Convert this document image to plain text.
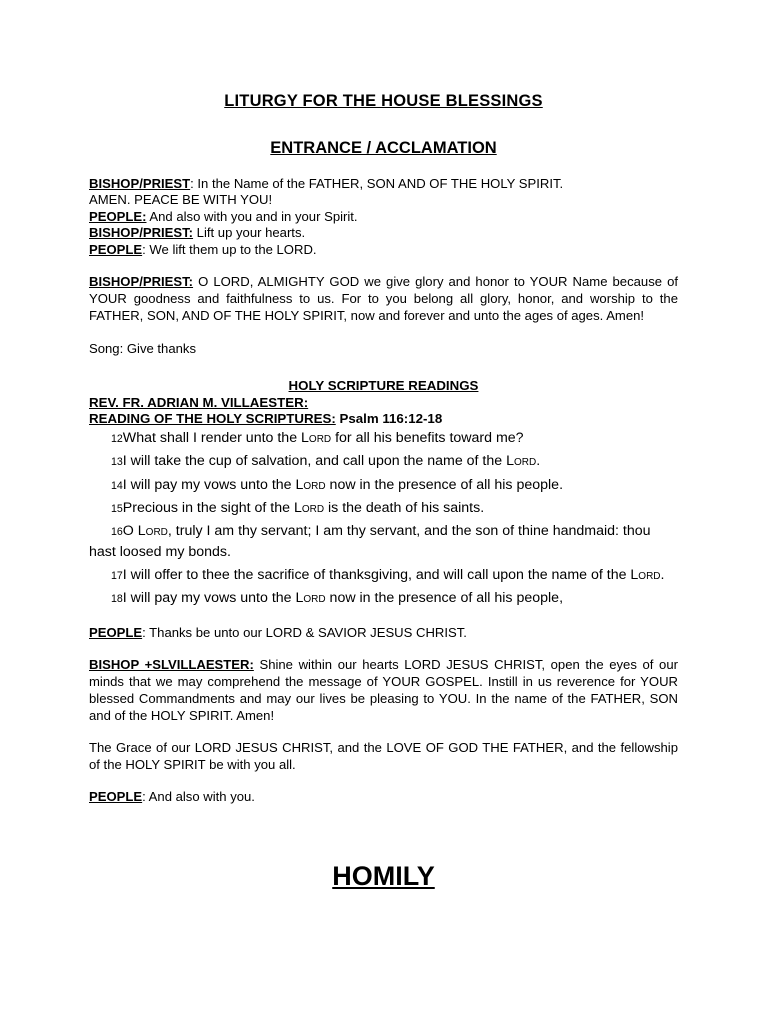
LITURGY FOR THE HOUSE BLESSINGS
ENTRANCE / ACCLAMATION
BISHOP/PRIEST: In the Name of the FATHER, SON AND OF THE HOLY SPIRIT.
AMEN. PEACE BE WITH YOU!
PEOPLE: And also with you and in your Spirit.
BISHOP/PRIEST: Lift up your hearts.
PEOPLE: We lift them up to the LORD.
BISHOP/PRIEST: O LORD, ALMIGHTY GOD we give glory and honor to YOUR Name because of YOUR goodness and faithfulness to us. For to you belong all glory, honor, and worship to the FATHER, SON, AND OF THE HOLY SPIRIT, now and forever and unto the ages of ages. Amen!
Song: Give thanks
HOLY SCRIPTURE READINGS
REV. FR. ADRIAN M. VILLAESTER:
READING OF THE HOLY SCRIPTURES: Psalm 116:12-18
12What shall I render unto the Lord for all his benefits toward me?
13I will take the cup of salvation, and call upon the name of the Lord.
14I will pay my vows unto the Lord now in the presence of all his people.
15Precious in the sight of the Lord is the death of his saints.
16O Lord, truly I am thy servant; I am thy servant, and the son of thine handmaid: thou hast loosed my bonds.
17I will offer to thee the sacrifice of thanksgiving, and will call upon the name of the Lord.
18I will pay my vows unto the Lord now in the presence of all his people,
PEOPLE: Thanks be unto our LORD & SAVIOR JESUS CHRIST.
BISHOP +SLVILLAESTER: Shine within our hearts LORD JESUS CHRIST, open the eyes of our minds that we may comprehend the message of YOUR GOSPEL. Instill in us reverence for YOUR blessed Commandments and may our lives be pleasing to YOU. In the name of the FATHER, SON and of the HOLY SPIRIT. Amen!
The Grace of our LORD JESUS CHRIST, and the LOVE OF GOD THE FATHER, and the fellowship of the HOLY SPIRIT be with you all.
PEOPLE: And also with you.
HOMILY
